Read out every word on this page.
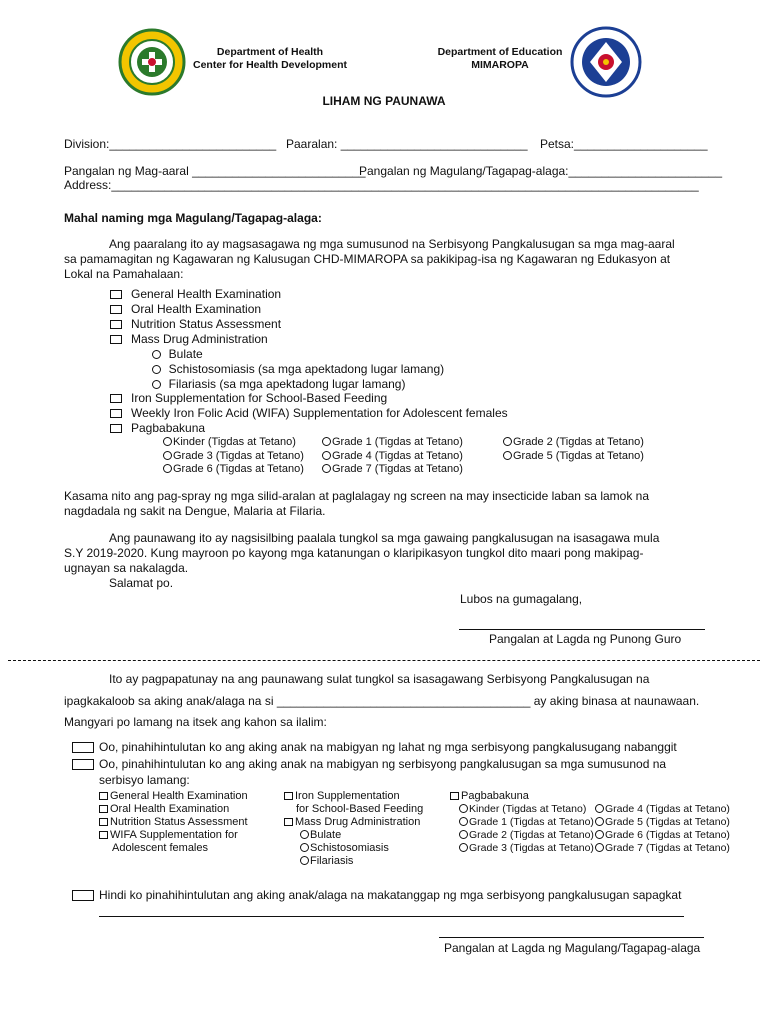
Department of Health
Center for Health Development
Department of Education
MIMAROPA
LIHAM NG PAUNAWA
Division:_________________________ Paaralan: ____________________________ Petsa:____________________
Pangalan ng Mag-aaral __________________________
Pangalan ng Magulang/Tagapag-alaga:_______________________
Address:________________________________________________________________________________________
Mahal naming mga Magulang/Tagapag-alaga:
Ang paaralang ito ay magsasagawa ng mga sumusunod na Serbisyong Pangkalusugan sa mga mag-aaral
sa pamamagitan ng Kagawaran ng Kalusugan CHD-MIMAROPA sa pakikipag-isa ng Kagawaran ng Edukasyon at
Lokal na Pamahalaan:
General Health Examination
Oral Health Examination
Nutrition Status Assessment
Mass Drug Administration
Bulate
Schistosomiasis (sa mga apektadong lugar lamang)
Filariasis (sa mga apektadong lugar lamang)
Iron Supplementation for School-Based Feeding
Weekly Iron Folic Acid (WIFA) Supplementation for Adolescent females
Pagbabakuna
Kinder (Tigdas at Tetano)
Grade 3 (Tigdas at Tetano)
Grade 6 (Tigdas at Tetano)
Grade 1 (Tigdas at Tetano)
Grade 4 (Tigdas at Tetano)
Grade 7 (Tigdas at Tetano)
Grade 2 (Tigdas at Tetano)
Grade 5 (Tigdas at Tetano)
Kasama nito ang pag-spray ng mga silid-aralan at paglalagay ng screen na may insecticide laban sa lamok na
nagdadala ng sakit na Dengue, Malaria at Filaria.
Ang paunawang ito ay nagsisilbing paalala tungkol sa mga gawaing pangkalusugan na isasagawa mula
S.Y 2019-2020. Kung mayroon po kayong mga katanungan o klaripikasyon tungkol dito maari pong makipag-
ugnayan sa nakalagda.
Salamat po.
Lubos na gumagalang,
Pangalan at Lagda ng Punong Guro
Ito ay pagpapatunay na ang paunawang sulat tungkol sa isasagawang Serbisyong Pangkalusugan na
ipagkakaloob sa aking anak/alaga na si ______________________________________ ay aking binasa at naunawaan.
Mangyari po lamang na itsek ang kahon sa ilalim:
Oo, pinahihintulutan ko ang aking anak na mabigyan ng lahat ng mga serbisyong pangkalusugang nabanggit
Oo, pinahihintulutan ko ang aking anak na mabigyan ng serbisyong pangkalusugan sa mga sumusunod na
serbisyo lamang:
General Health Examination
Oral Health Examination
Nutrition Status Assessment
WIFA Supplementation for
Adolescent females
Iron Supplementation
for School-Based Feeding
Mass Drug Administration
Bulate
Schistosomiasis
Filariasis
Pagbabakuna
Kinder (Tigdas at Tetano)
Grade 1 (Tigdas at Tetano)
Grade 2 (Tigdas at Tetano)
Grade 3 (Tigdas at Tetano)
Grade 4 (Tigdas at Tetano)
Grade 5 (Tigdas at Tetano)
Grade 6 (Tigdas at Tetano)
Grade 7 (Tigdas at Tetano)
Hindi ko pinahihintulutan ang aking anak/alaga na makatanggap ng mga serbisyong pangkalusugan sapagkat
Pangalan at Lagda ng Magulang/Tagapag-alaga
